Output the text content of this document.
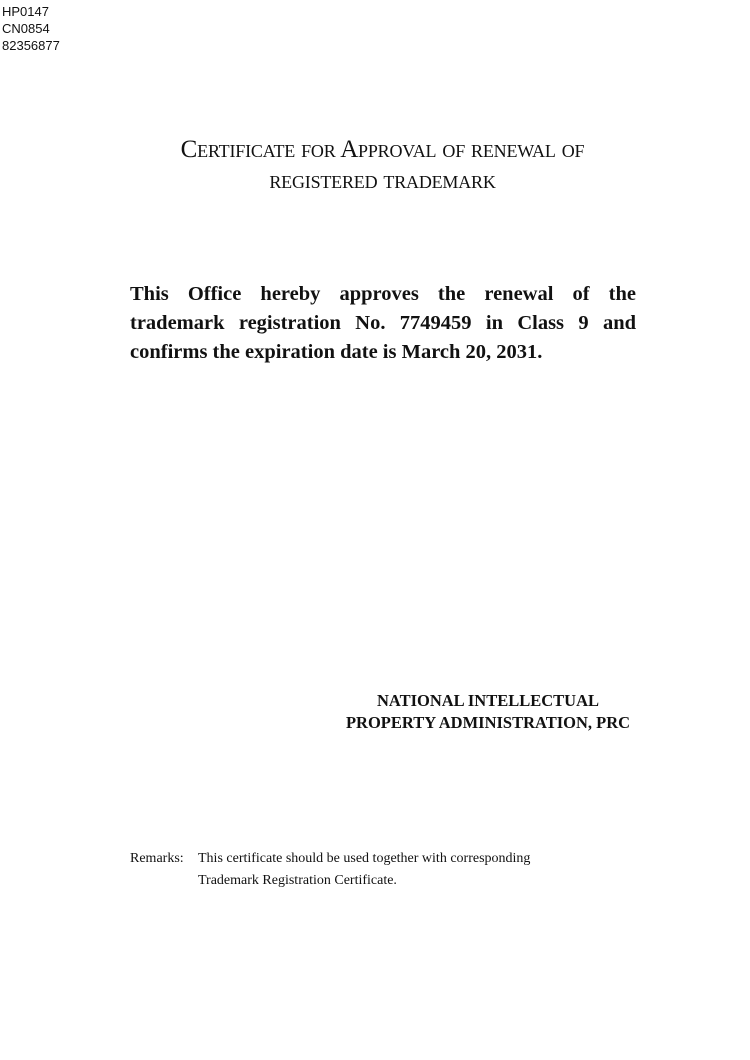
HP0147
CN0854
82356877
Certificate for Approval of renewal of
registered trademark
This Office hereby approves the renewal of the trademark registration No. 7749459 in Class 9 and confirms the expiration date is March 20, 2031.
NATIONAL INTELLECTUAL
PROPERTY ADMINISTRATION, PRC
Remarks:	This certificate should be used together with corresponding
Trademark Registration Certificate.
